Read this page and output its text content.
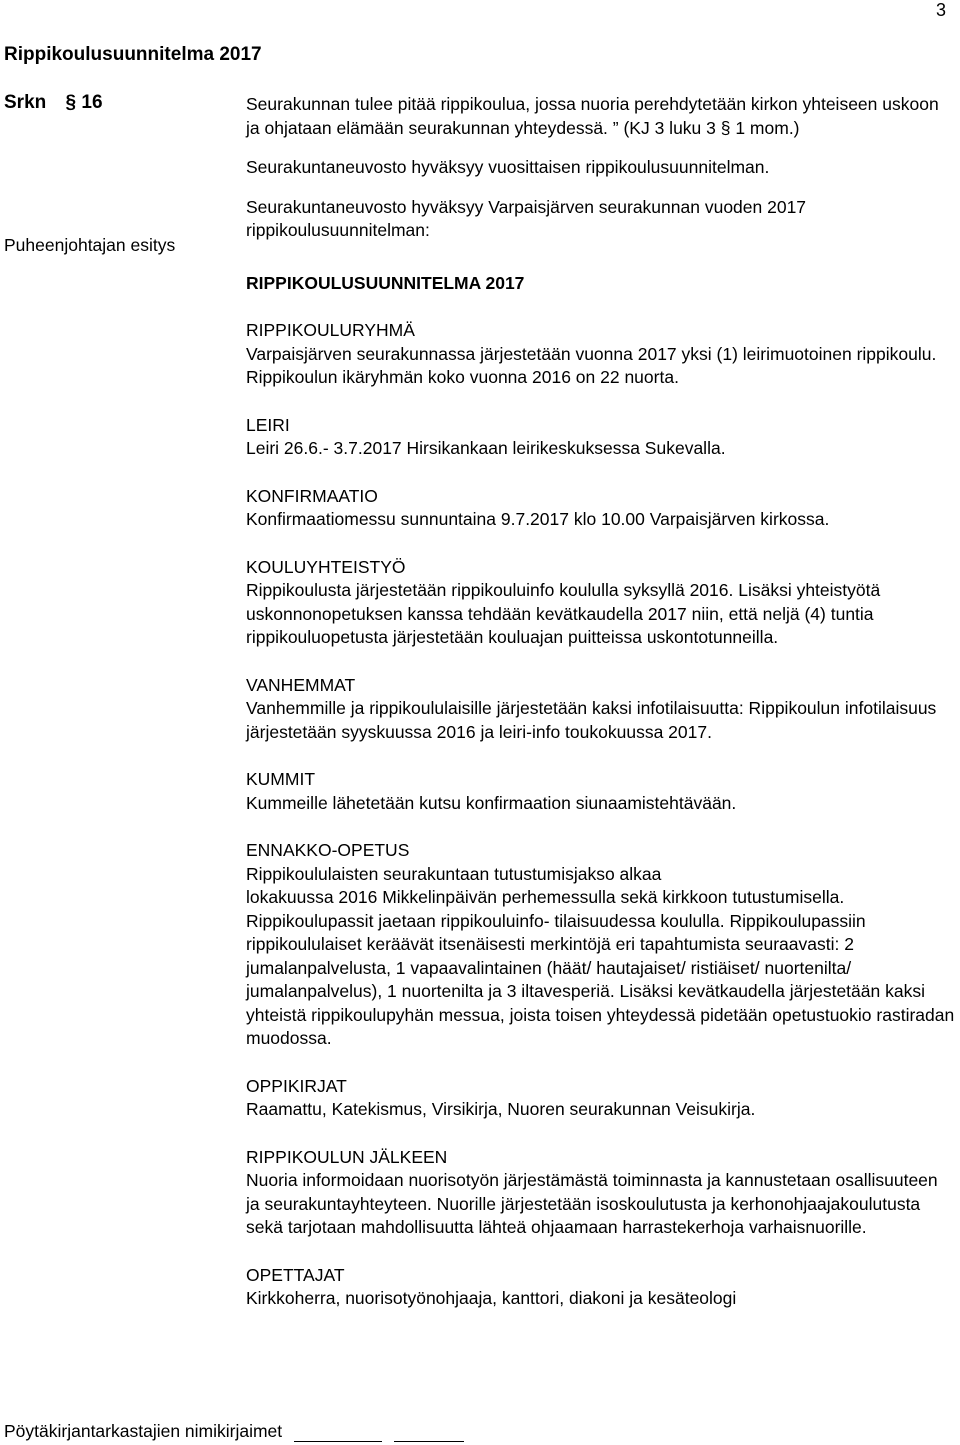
3
Rippikoulusuunnitelma 2017
Srkn § 16
Puheenjohtajan esitys

Seurakunnan tulee pitää rippikoulua, jossa nuoria perehdytetään kirkon yhteiseen uskoon ja ohjataan elämään seurakunnan yhteydessä. ” (KJ 3 luku 3 § 1 mom.)

Seurakuntaneuvosto hyväksyy vuosittaisen rippikoulusuunnitelman.

Seurakuntaneuvosto hyväksyy Varpaisjärven seurakunnan vuoden 2017 rippikoulusuunnitelman:

RIPPIKOULUSUUNNITELMA 2017

RIPPIKOULURYHMÄ

Varpaisjärven seurakunnassa järjestetään vuonna 2017 yksi (1) leirimuotoinen rippikoulu. Rippikoulun ikäryhmän koko vuonna 2016 on 22 nuorta.

LEIRI

Leiri 26.6.- 3.7.2017 Hirsikankaan leirikeskuksessa Sukevalla.

KONFIRMAATIO

Konfirmaatiomessu sunnuntaina 9.7.2017 klo 10.00 Varpaisjärven kirkossa.

KOULUYHTEISTYÖ

Rippikoulusta järjestetään rippikouluinfo koululla syksyllä 2016. Lisäksi yhteistyötä uskonnonopetuksen kanssa tehdään kevätkaudella 2017 niin, että neljä (4) tuntia rippikouluopetusta järjestetään kouluajan puitteissa uskontotunneilla.

VANHEMMAT

Vanhemmille ja rippikoululaisille järjestetään kaksi infotilaisuutta: Rippikoulun infotilaisuus järjestetään syyskuussa 2016 ja leiri-info toukokuussa 2017.

KUMMIT

Kummeille lähetetään kutsu konfirmaation siunaamistehtävään.

ENNAKKO-OPETUS

Rippikoululaisten seurakuntaan tutustumisjakso alkaa

lokakuussa 2016 Mikkelinpäivän perhemessulla sekä kirkkoon tutustumisella. Rippikoulupassit jaetaan rippikouluinfo- tilaisuudessa koululla. Rippikoulupassiin rippikoululaiset keräävät itsenäisesti merkintöjä eri tapahtumista seuraavasti: 2 jumalanpalvelusta, 1 vapaavalintainen (häät/ hautajaiset/ ristiäiset/ nuortenilta/ jumalanpalvelus), 1 nuortenilta ja 3 iltavesperiä. Lisäksi kevätkaudella järjestetään kaksi yhteistä rippikoulupyhän messua, joista toisen yhteydessä pidetään opetustuokio rastiradan muodossa.

OPPIKIRJAT

Raamattu, Katekismus, Virsikirja, Nuoren seurakunnan Veisukirja.

RIPPIKOULUN JÄLKEEN

Nuoria informoidaan nuorisotyön järjestämästä toiminnasta ja kannustetaan osallisuuteen ja seurakuntayhteyteen. Nuorille järjestetään isoskoulutusta ja kerhonohjaajakoulutusta sekä tarjotaan mahdollisuutta lähteä ohjaamaan harrastekerhoja varhaisnuorille.

OPETTAJAT

Kirkkoherra, nuorisotyönohjaaja, kanttori, diakoni ja kesäteologi

Pöytäkirjantarkastajien nimikirjaimet
